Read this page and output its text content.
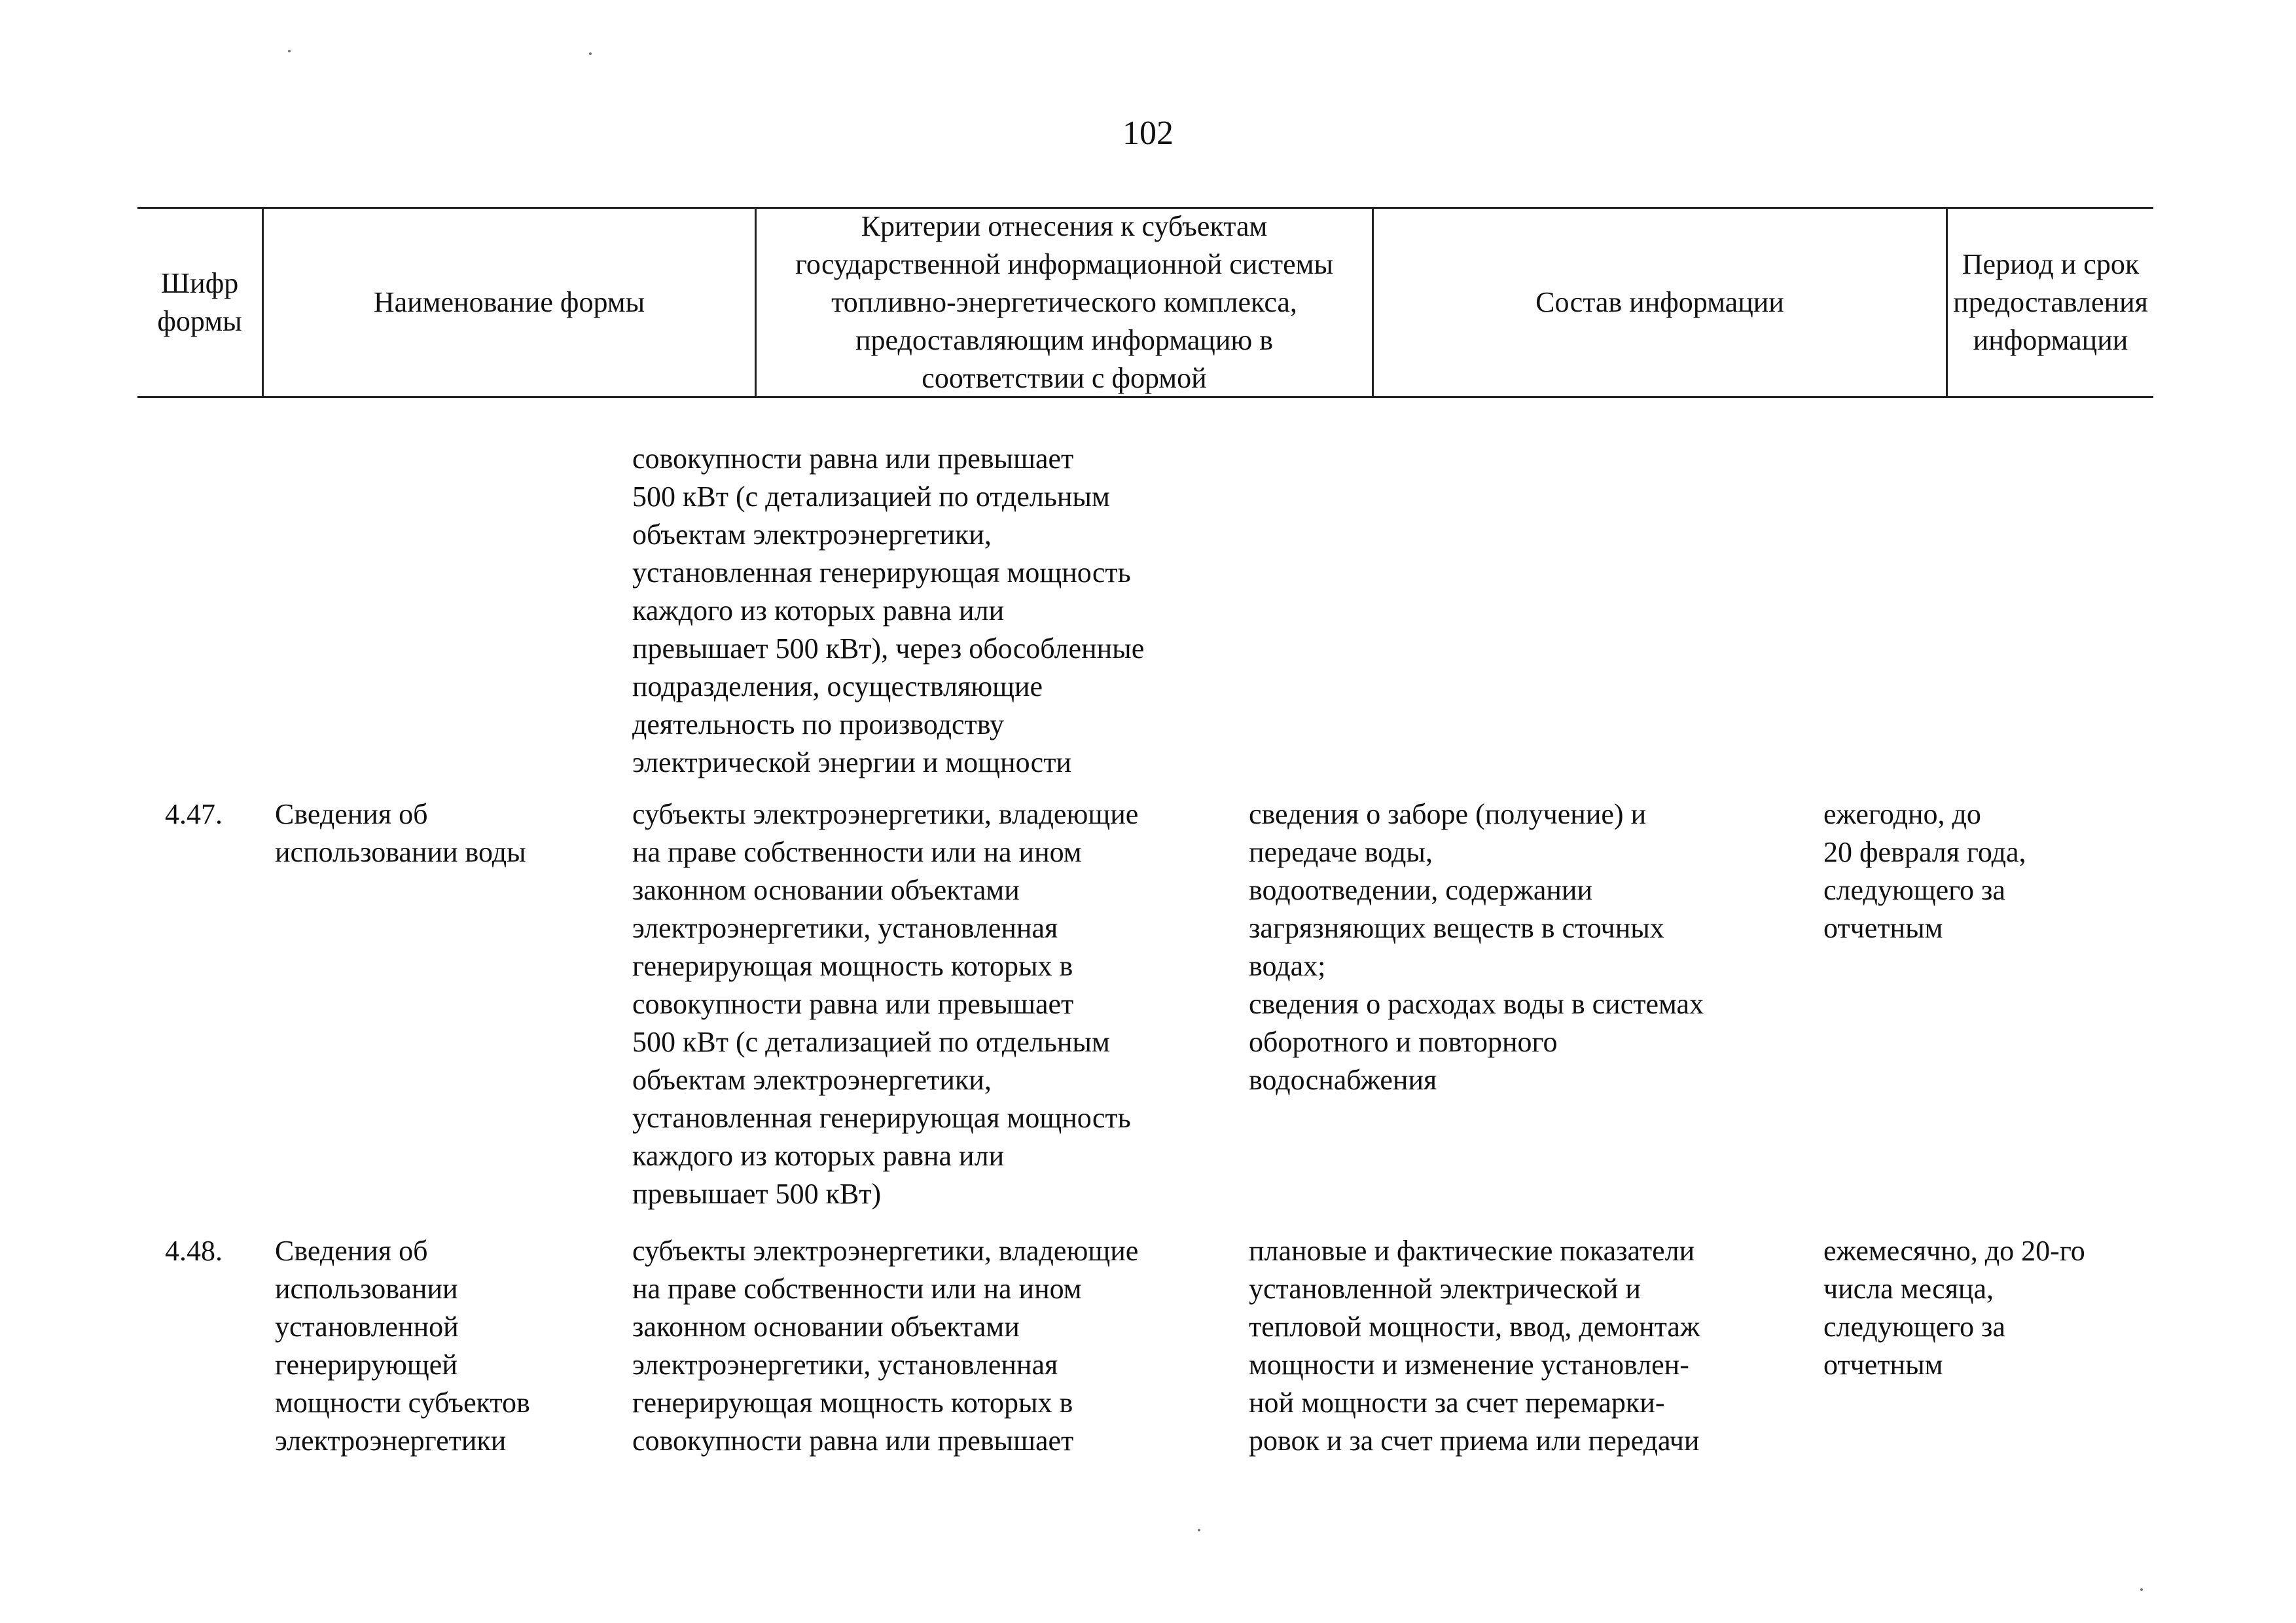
102
Шифр
формы
Наименование формы
Критерии отнесения к субъектам государственной информационной системы топливно-энергетического комплекса, предоставляющим информацию в соответствии с формой
Состав информации
Период и срок предоставления информации
совокупности равна или превышает
500 кВт (с детализацией по отдельным
объектам электроэнергетики,
установленная генерирующая мощность
каждого из которых равна или
превышает 500 кВт), через обособленные
подразделения, осуществляющие
деятельность по производству
электрической энергии и мощности
4.47.	Сведения об
использовании воды
субъекты электроэнергетики, владеющие
на праве собственности или на ином
законном основании объектами
электроэнергетики, установленная
генерирующая мощность которых в
совокупности равна или превышает
500 кВт (с детализацией по отдельным
объектам электроэнергетики,
установленная генерирующая мощность
каждого из которых равна или
превышает 500 кВт)
сведения о заборе (получение) и
передаче воды,
водоотведении, содержании
загрязняющих веществ в сточных
водах;
сведения о расходах воды в системах
оборотного и повторного
водоснабжения
ежегодно, до
20 февраля года,
следующего за
отчетным
4.48.	Сведения об
использовании
установленной
генерирующей
мощности субъектов
электроэнергетики
субъекты электроэнергетики, владеющие
на праве собственности или на ином
законном основании объектами
электроэнергетики, установленная
генерирующая мощность которых в
совокупности равна или превышает
плановые и фактические показатели
установленной электрической и
тепловой мощности, ввод, демонтаж
мощности и изменение установлен-
ной мощности за счет перемарки-
ровок и за счет приема или передачи
ежемесячно, до 20-го
числа месяца,
следующего за
отчетным
